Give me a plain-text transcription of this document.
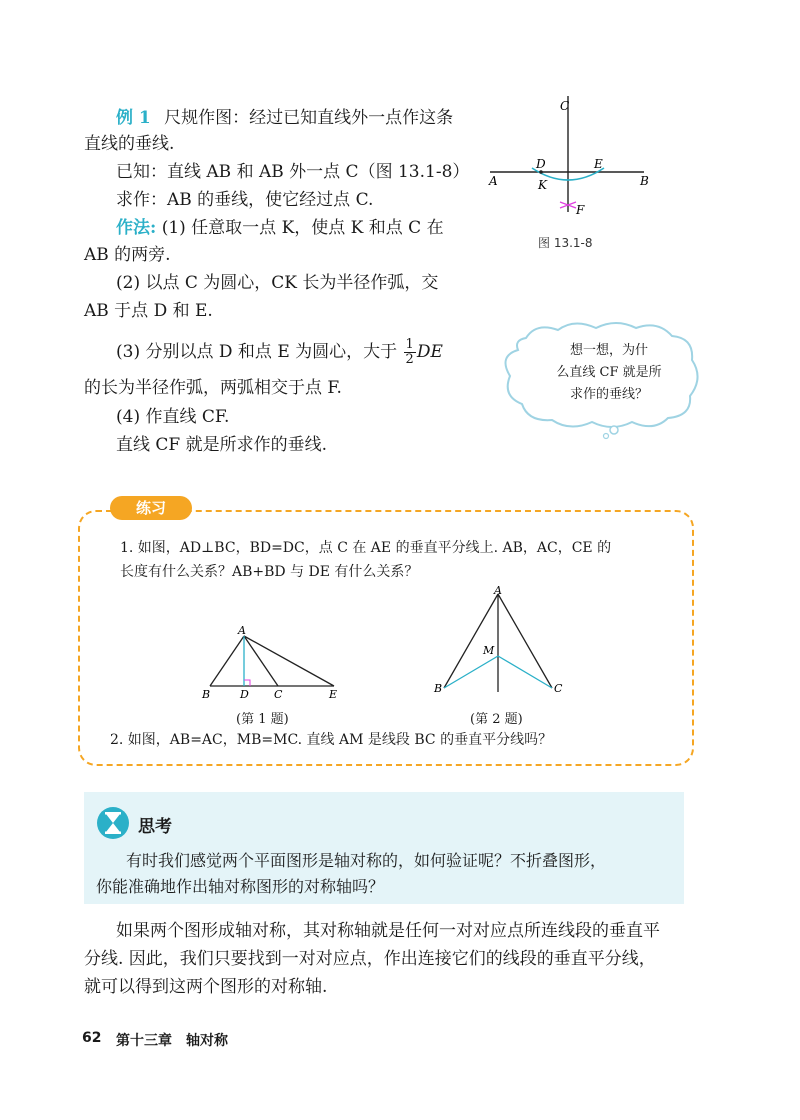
例 1 尺规作图：经过已知直线外一点作这条
直线的垂线.
已知：直线 AB 和 AB 外一点 C（图 13.1-8）
求作：AB 的垂线，使它经过点 C.
作法: (1) 任意取一点 K，使点 K 和点 C 在
AB 的两旁.
(2) 以点 C 为圆心，CK 长为半径作弧，交
AB 于点 D 和 E.
(3) 分别以点 D 和点 E 为圆心，大于 $\frac{1}{2}$ DE
的长为半径作弧，两弧相交于点 F.
(4) 作直线 CF.
直线 CF 就是所求作的垂线.
C
D	E
A	K	B
F
图 13.1-8
想一想，为什
么直线 CF 就是所
求作的垂线？
练习
1. 如图，AD⊥BC，BD=DC，点 C 在 AE 的垂直平分线上. AB，AC，CE 的
长度有什么关系？AB+BD 与 DE 有什么关系？
A
B	D C	E
(第 1 题)
A
M
B	C
(第 2 题)
2. 如图，AB=AC，MB=MC. 直线 AM 是线段 BC 的垂直平分线吗？
思考
有时我们感觉两个平面图形是轴对称的，如何验证呢？不折叠图形，
你能准确地作出轴对称图形的对称轴吗？
如果两个图形成轴对称，其对称轴就是任何一对对应点所连线段的垂直平
分线. 因此，我们只要找到一对对应点，作出连接它们的线段的垂直平分线，
就可以得到这两个图形的对称轴.
62 第十三章　轴对称
